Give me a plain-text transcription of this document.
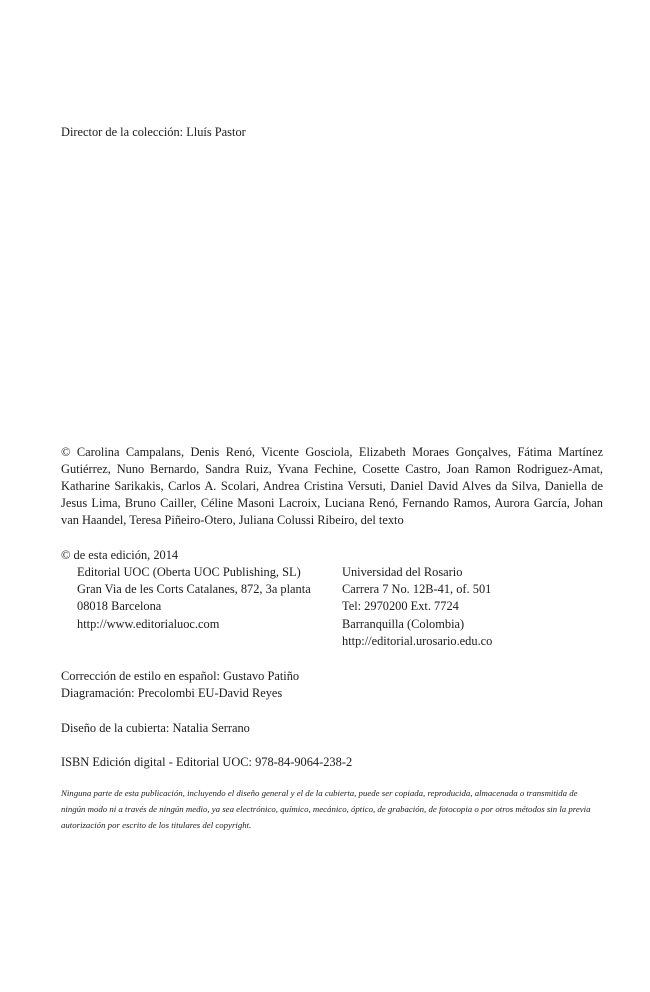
Director de la colección: Lluís Pastor

© Carolina Campalans, Denis Renó, Vicente Gosciola, Elizabeth Moraes Gonçalves, Fátima Martínez Gutiérrez, Nuno Bernardo, Sandra Ruiz, Yvana Fechine, Cosette Castro, Joan Ramon Rodriguez-Amat, Katharine Sarikakis, Carlos A. Scolari, Andrea Cristina Versuti, Daniel David Alves da Silva, Daniella de Jesus Lima, Bruno Cailler, Céline Masoni Lacroix, Luciana Renó, Fernando Ramos, Aurora García, Johan van Haandel, Teresa Piñeiro-Otero, Juliana Colussi Ribeiro, del texto

© de esta edición, 2014

Editorial UOC (Oberta UOC Publishing, SL)
Gran Via de les Corts Catalanes, 872, 3a planta
08018 Barcelona
http://www.editorialuoc.com
Universidad del Rosario
Carrera 7 No. 12B-41, of. 501
Tel: 2970200 Ext. 7724
Barranquilla (Colombia)
http://editorial.urosario.edu.co

Corrección de estilo en español: Gustavo Patiño

Diagramación: Precolombi EU-David Reyes

Diseño de la cubierta: Natalia Serrano

ISBN Edición digital - Editorial UOC: 978-84-9064-238-2

Ninguna parte de esta publicación, incluyendo el diseño general y el de la cubierta, puede ser copiada, reproducida, almacenada o transmitida de ningún modo ni a través de ningún medio, ya sea electrónico, químico, mecánico, óptico, de grabación, de fotocopia o por otros métodos sin la previa autorización por escrito de los titulares del copyright.
